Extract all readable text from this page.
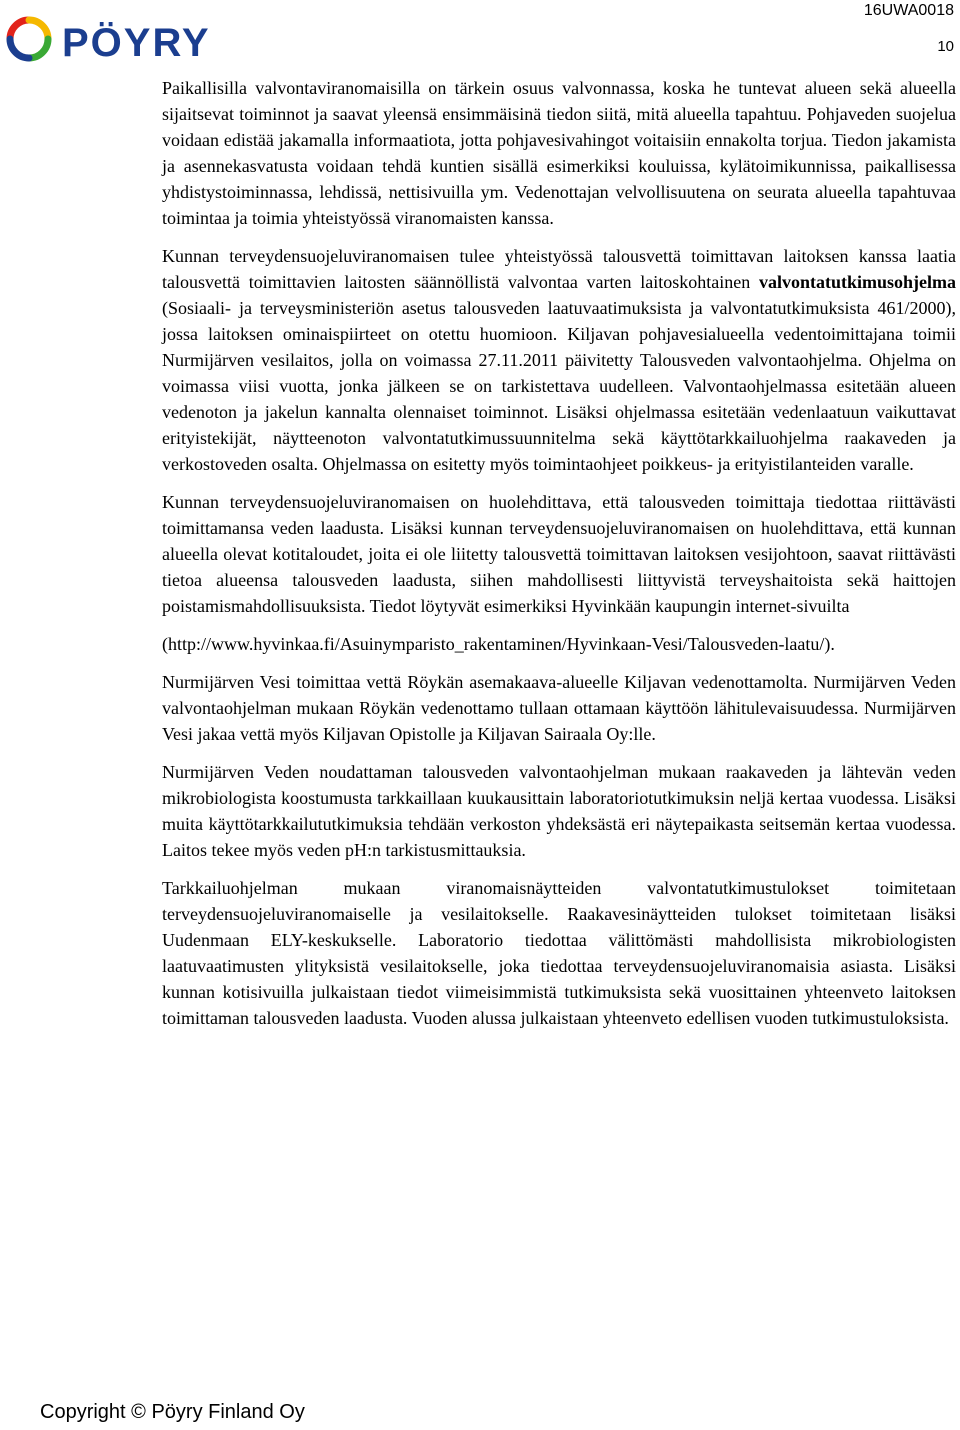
PÖYRY
16UWA0018
10

Paikallisilla valvontaviranomaisilla on tärkein osuus valvonnassa, koska he tuntevat alueen sekä alueella sijaitsevat toiminnot ja saavat yleensä ensimmäisinä tiedon siitä, mitä alueella tapahtuu. Pohjaveden suojelua voidaan edistää jakamalla informaatiota, jotta pohjavesivahingot voitaisiin ennakolta torjua. Tiedon jakamista ja asennekasvatusta voidaan tehdä kuntien sisällä esimerkiksi kouluissa, kylätoimikunnissa, paikallisessa yhdistystoiminnassa, lehdissä, nettisivuilla ym. Vedenottajan velvollisuutena on seurata alueella tapahtuvaa toimintaa ja toimia yhteistyössä viranomaisten kanssa.

Kunnan terveydensuojeluviranomaisen tulee yhteistyössä talousvettä toimittavan laitoksen kanssa laatia talousvettä toimittavien laitosten säännöllistä valvontaa varten laitoskohtainen valvontatutkimusohjelma (Sosiaali- ja terveysministeriön asetus talousveden laatuvaatimuksista ja valvontatutkimuksista 461/2000), jossa laitoksen ominaispiirteet on otettu huomioon. Kiljavan pohjavesialueella vedentoimittajana toimii Nurmijärven vesilaitos, jolla on voimassa 27.11.2011 päivitetty Talousveden valvontaohjelma. Ohjelma on voimassa viisi vuotta, jonka jälkeen se on tarkistettava uudelleen. Valvontaohjelmassa esitetään alueen vedenoton ja jakelun kannalta olennaiset toiminnot. Lisäksi ohjelmassa esitetään vedenlaatuun vaikuttavat erityistekijät, näytteenoton valvontatutkimussuunnitelma sekä käyttötarkkailuohjelma raakaveden ja verkostoveden osalta. Ohjelmassa on esitetty myös toimintaohjeet poikkeus- ja erityistilanteiden varalle.

Kunnan terveydensuojeluviranomaisen on huolehdittava, että talousveden toimittaja tiedottaa riittävästi toimittamansa veden laadusta. Lisäksi kunnan terveydensuojeluviranomaisen on huolehdittava, että kunnan alueella olevat kotitaloudet, joita ei ole liitetty talousvettä toimittavan laitoksen vesijohtoon, saavat riittävästi tietoa alueensa talousveden laadusta, siihen mahdollisesti liittyvistä terveyshaitoista sekä haittojen poistamismahdollisuuksista. Tiedot löytyvät esimerkiksi Hyvinkään kaupungin internet-sivuilta

(http://www.hyvinkaa.fi/Asuinymparisto_rakentaminen/Hyvinkaan-Vesi/Talousveden-laatu/).

Nurmijärven Vesi toimittaa vettä Röykän asemakaava-alueelle Kiljavan vedenottamolta. Nurmijärven Veden valvontaohjelman mukaan Röykän vedenottamo tullaan ottamaan käyttöön lähitulevaisuudessa. Nurmijärven Vesi jakaa vettä myös Kiljavan Opistolle ja Kiljavan Sairaala Oy:lle.

Nurmijärven Veden noudattaman talousveden valvontaohjelman mukaan raakaveden ja lähtevän veden mikrobiologista koostumusta tarkkaillaan kuukausittain laboratoriotutkimuksin neljä kertaa vuodessa. Lisäksi muita käyttötarkkailututkimuksia tehdään verkoston yhdeksästä eri näytepaikasta seitsemän kertaa vuodessa. Laitos tekee myös veden pH:n tarkistusmittauksia.

Tarkkailuohjelman mukaan viranomaisnäytteiden valvontatutkimustulokset toimitetaan terveydensuojeluviranomaiselle ja vesilaitokselle. Raakavesinäytteiden tulokset toimitetaan lisäksi Uudenmaan ELY-keskukselle. Laboratorio tiedottaa välittömästi mahdollisista mikrobiologisten laatuvaatimusten ylityksistä vesilaitokselle, joka tiedottaa terveydensuojeluviranomaisia asiasta. Lisäksi kunnan kotisivuilla julkaistaan tiedot viimeisimmistä tutkimuksista sekä vuosittainen yhteenveto laitoksen toimittaman talousveden laadusta. Vuoden alussa julkaistaan yhteenveto edellisen vuoden tutkimustuloksista.

Copyright © Pöyry Finland Oy
